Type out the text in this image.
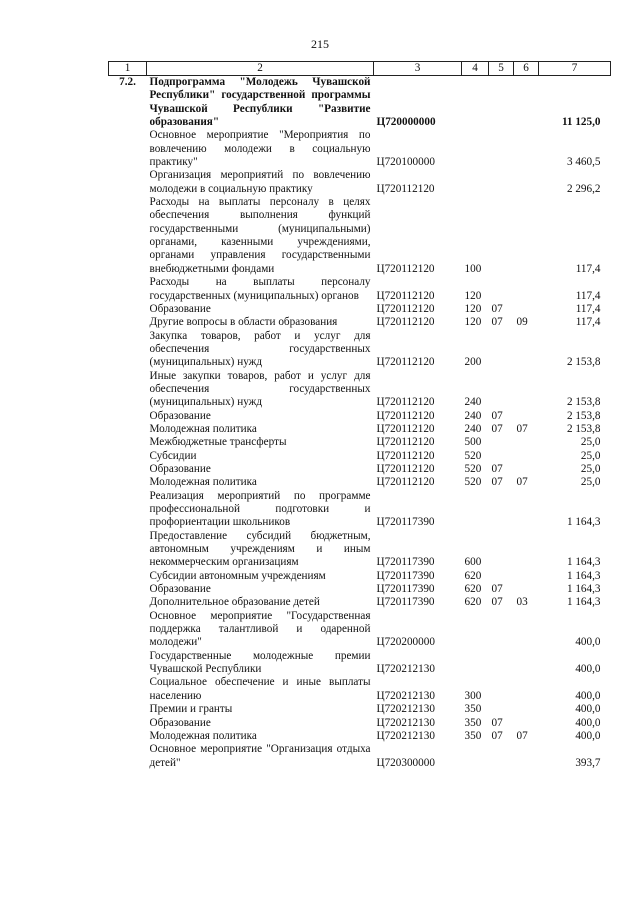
215
1	2	3	4	5	6	7
7.2.	Подпрограмма "Молодежь Чувашской Республики" государственной программы Чувашской Республики "Развитие образования"	Ц720000000				11 125,0
	Основное мероприятие "Мероприятия по вовлечению молодежи в социальную практику"	Ц720100000				3 460,5
	Организация мероприятий по вовлечению молодежи в социальную практику	Ц720112120				2 296,2
	Расходы на выплаты персоналу в целях обеспечения выполнения функций государственными (муниципальными) органами, казенными учреждениями, органами управления государственными внебюджетными фондами	Ц720112120	100			117,4
	Расходы на выплаты персоналу государственных (муниципальных) органов	Ц720112120	120			117,4
	Образование	Ц720112120	120	07		117,4
	Другие вопросы в области образования	Ц720112120	120	07	09	117,4
	Закупка товаров, работ и услуг для обеспечения государственных (муниципальных) нужд	Ц720112120	200			2 153,8
	Иные закупки товаров, работ и услуг для обеспечения государственных (муниципальных) нужд	Ц720112120	240			2 153,8
	Образование	Ц720112120	240	07		2 153,8
	Молодежная политика	Ц720112120	240	07	07	2 153,8
	Межбюджетные трансферты	Ц720112120	500			25,0
	Субсидии	Ц720112120	520			25,0
	Образование	Ц720112120	520	07		25,0
	Молодежная политика	Ц720112120	520	07	07	25,0
	Реализация мероприятий по программе профессиональной подготовки и профориентации школьников	Ц720117390				1 164,3
	Предоставление субсидий бюджетным, автономным учреждениям и иным некоммерческим организациям	Ц720117390	600			1 164,3
	Субсидии автономным учреждениям	Ц720117390	620			1 164,3
	Образование	Ц720117390	620	07		1 164,3
	Дополнительное образование детей	Ц720117390	620	07	03	1 164,3
	Основное мероприятие "Государственная поддержка талантливой и одаренной молодежи"	Ц720200000				400,0
	Государственные молодежные премии Чувашской Республики	Ц720212130				400,0
	Социальное обеспечение и иные выплаты населению	Ц720212130	300			400,0
	Премии и гранты	Ц720212130	350			400,0
	Образование	Ц720212130	350	07		400,0
	Молодежная политика	Ц720212130	350	07	07	400,0
	Основное мероприятие "Организация отдыха детей"	Ц720300000				393,7
